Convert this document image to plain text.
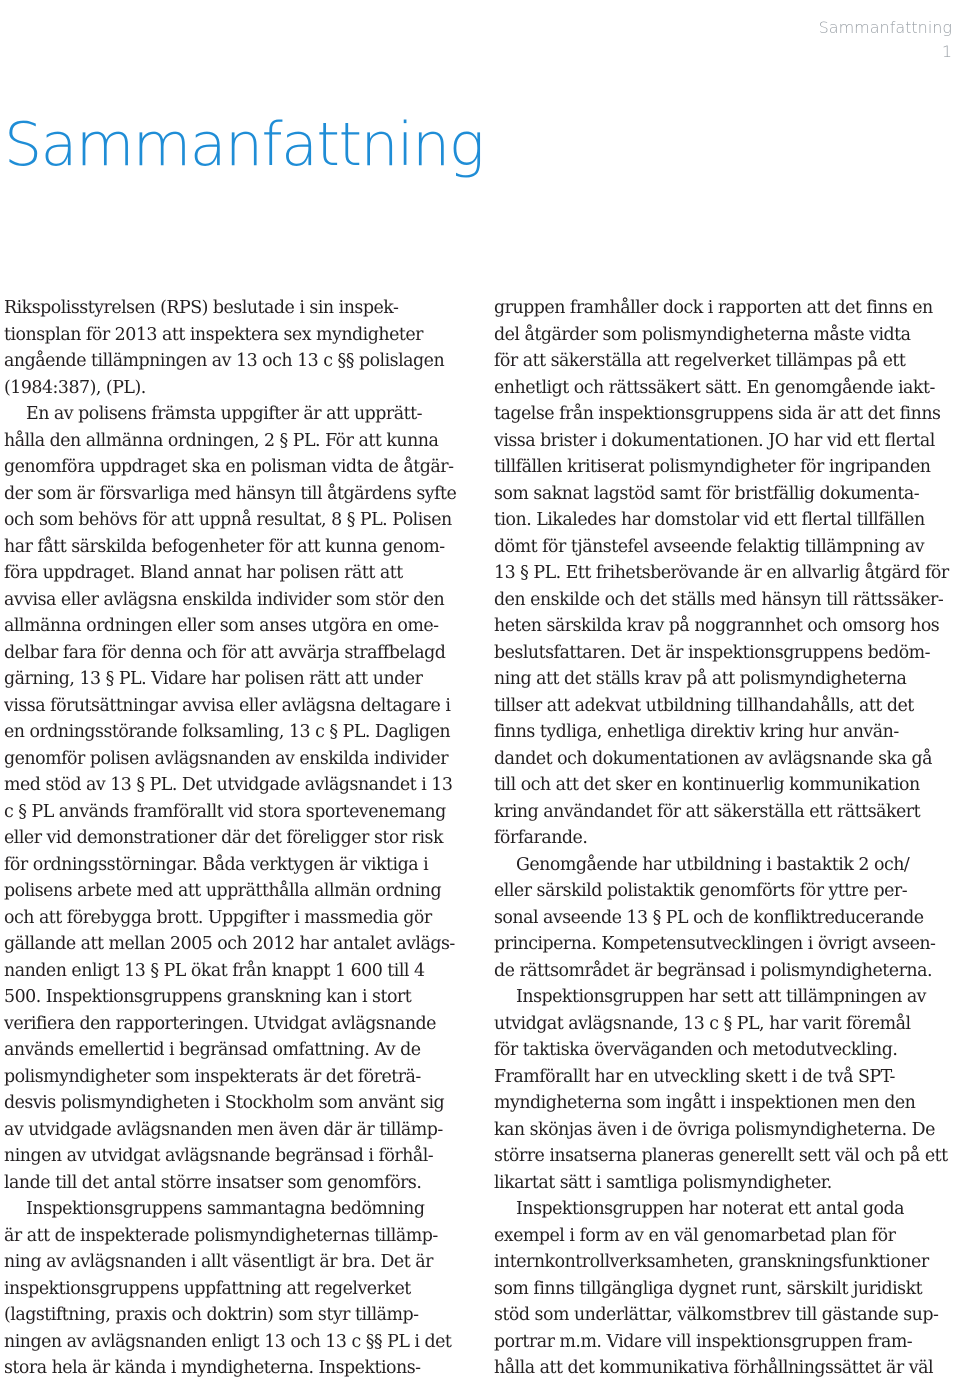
Sammanfattning
1
Sammanfattning
Rikspolisstyrelsen (RPS) beslutade i sin inspek-
tionsplan för 2013 att inspektera sex myndigheter
angående tillämpningen av 13 och 13 c §§ polislagen
(1984:387), (PL).
En av polisens främsta uppgifter är att upprätt-
hålla den allmänna ordningen, 2 § PL. För att kunna
genomföra uppdraget ska en polisman vidta de åtgär-
der som är försvarliga med hänsyn till åtgärdens syfte
och som behövs för att uppnå resultat, 8 § PL. Polisen
har fått särskilda befogenheter för att kunna genom-
föra uppdraget. Bland annat har polisen rätt att
avvisa eller avlägsna enskilda individer som stör den
allmänna ordningen eller som anses utgöra en ome-
delbar fara för denna och för att avvärja straffbelagd
gärning, 13 § PL. Vidare har polisen rätt att under
vissa förutsättningar avvisa eller avlägsna deltagare i
en ordningsstörande folksamling, 13 c § PL. Dagligen
genomför polisen avlägsnanden av enskilda individer
med stöd av 13 § PL. Det utvidgade avlägsnandet i 13
c § PL används framförallt vid stora sportevenemang
eller vid demonstrationer där det föreligger stor risk
för ordningsstörningar. Båda verktygen är viktiga i
polisens arbete med att upprätthålla allmän ordning
och att förebygga brott. Uppgifter i massmedia gör
gällande att mellan 2005 och 2012 har antalet avlägs-
nanden enligt 13 § PL ökat från knappt 1 600 till 4
500. Inspektionsgruppens granskning kan i stort
verifiera den rapporteringen. Utvidgat avlägsnande
används emellertid i begränsad omfattning. Av de
polismyndigheter som inspekterats är det företrä-
desvis polismyndigheten i Stockholm som använt sig
av utvidgade avlägsnanden men även där är tillämp-
ningen av utvidgat avlägsnande begränsad i förhål-
lande till det antal större insatser som genomförs.
Inspektionsgruppens sammantagna bedömning
är att de inspekterade polismyndigheternas tillämp-
ning av avlägsnanden i allt väsentligt är bra. Det är
inspektionsgruppens uppfattning att regelverket
(lagstiftning, praxis och doktrin) som styr tillämp-
ningen av avlägsnanden enligt 13 och 13 c §§ PL i det
stora hela är kända i myndigheterna. Inspektions-
gruppen framhåller dock i rapporten att det finns en
del åtgärder som polismyndigheterna måste vidta
för att säkerställa att regelverket tillämpas på ett
enhetligt och rättssäkert sätt. En genomgående iakt-
tagelse från inspektionsgruppens sida är att det finns
vissa brister i dokumentationen. JO har vid ett flertal
tillfällen kritiserat polismyndigheter för ingripanden
som saknat lagstöd samt för bristfällig dokumenta-
tion. Likaledes har domstolar vid ett flertal tillfällen
dömt för tjänstefel avseende felaktig tillämpning av
13 § PL. Ett frihetsberövande är en allvarlig åtgärd för
den enskilde och det ställs med hänsyn till rättssäker-
heten särskilda krav på noggrannhet och omsorg hos
beslutsfattaren. Det är inspektionsgruppens bedöm-
ning att det ställs krav på att polismyndigheterna
tillser att adekvat utbildning tillhandahålls, att det
finns tydliga, enhetliga direktiv kring hur använ-
dandet och dokumentationen av avlägsnande ska gå
till och att det sker en kontinuerlig kommunikation
kring användandet för att säkerställa ett rättsäkert
förfarande.
Genomgående har utbildning i bastaktik 2 och/
eller särskild polistaktik genomförts för yttre per-
sonal avseende 13 § PL och de konfliktreducerande
principerna. Kompetensutvecklingen i övrigt avseen-
de rättsområdet är begränsad i polismyndigheterna.
Inspektionsgruppen har sett att tillämpningen av
utvidgat avlägsnande, 13 c § PL, har varit föremål
för taktiska överväganden och metodutveckling.
Framförallt har en utveckling skett i de två SPT-
myndigheterna som ingått i inspektionen men den
kan skönjas även i de övriga polismyndigheterna. De
större insatserna planeras generellt sett väl och på ett
likartat sätt i samtliga polismyndigheter.
Inspektionsgruppen har noterat ett antal goda
exempel i form av en väl genomarbetad plan för
internkontrollverksamheten, granskningsfunktioner
som finns tillgängliga dygnet runt, särskilt juridiskt
stöd som underlättar, välkomstbrev till gästande sup-
portrar m.m. Vidare vill inspektionsgruppen fram-
hålla att det kommunikativa förhållningssättet är väl
